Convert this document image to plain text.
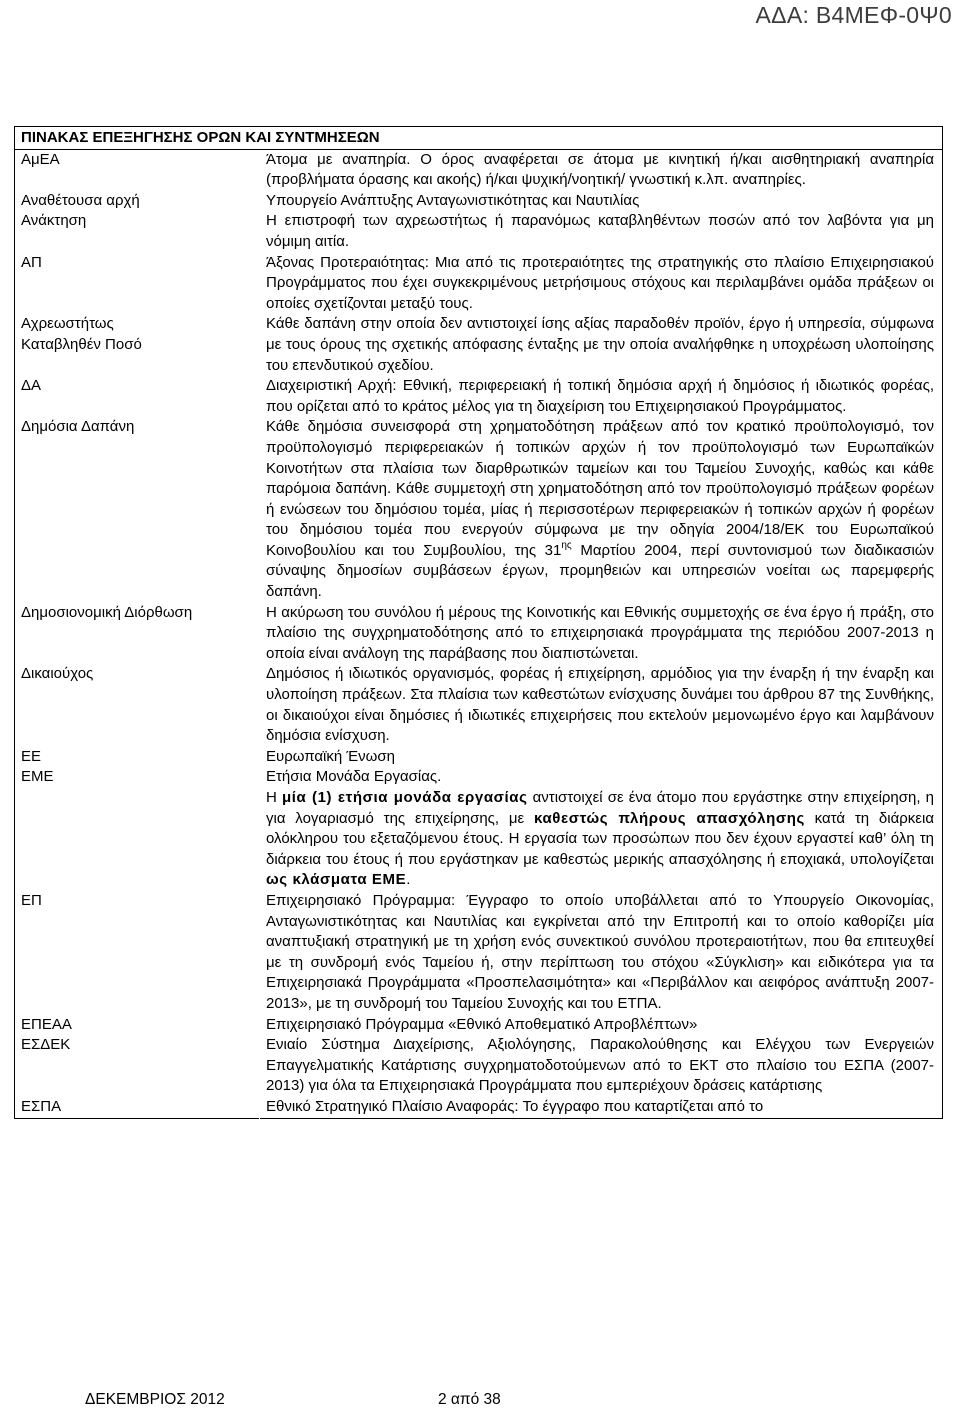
ΑΔΑ: Β4ΜΕΦ-0Ψ0
ΠΙΝΑΚΑΣ ΕΠΕΞΗΓΗΣΗΣ ΟΡΩΝ ΚΑΙ ΣΥΝΤΜΗΣΕΩΝ	
ΑμΕΑ	Άτομα με αναπηρία. Ο όρος αναφέρεται σε άτομα με κινητική ή/και αισθητηριακή αναπηρία (προβλήματα όρασης και ακοής) ή/και ψυχική/νοητική/ γνωστική κ.λπ. αναπηρίες.
Αναθέτουσα αρχή	Υπουργείο Ανάπτυξης Ανταγωνιστικότητας και Ναυτιλίας
Ανάκτηση	Η επιστροφή των αχρεωστήτως ή παρανόμως καταβληθέντων ποσών από τον λαβόντα για μη νόμιμη αιτία.
ΑΠ	Άξονας Προτεραιότητας: Μια από τις προτεραιότητες της στρατηγικής στο πλαίσιο Επιχειρησιακού Προγράμματος που έχει συγκεκριμένους μετρήσιμους στόχους και περιλαμβάνει ομάδα πράξεων οι οποίες σχετίζονται μεταξύ τους.

Αχρεωστήτως
Καταβληθέν Ποσό	Κάθε δαπάνη στην οποία δεν αντιστοιχεί ίσης αξίας παραδοθέν προϊόν, έργο ή υπηρεσία, σύμφωνα με τους όρους της σχετικής απόφασης ένταξης με την οποία αναλήφθηκε η υποχρέωση υλοποίησης του επενδυτικού σχεδίου.
ΔΑ	Διαχειριστική Αρχή: Εθνική, περιφερειακή ή τοπική δημόσια αρχή ή δημόσιος ή ιδιωτικός φορέας, που ορίζεται από το κράτος μέλος για τη διαχείριση του Επιχειρησιακού Προγράμματος.
Δημόσια Δαπάνη	Κάθε δημόσια συνεισφορά στη χρηματοδότηση πράξεων από τον κρατικό προϋπολογισμό, τον προϋπολογισμό περιφερειακών ή τοπικών αρχών ή τον προϋπολογισμό των Ευρωπαϊκών Κοινοτήτων στα πλαίσια των διαρθρωτικών ταμείων και του Ταμείου Συνοχής, καθώς και κάθε παρόμοια δαπάνη. Κάθε συμμετοχή στη χρηματοδότηση από τον προϋπολογισμό πράξεων φορέων ή ενώσεων του δημόσιου τομέα, μίας ή περισσοτέρων περιφερειακών ή τοπικών αρχών ή φορέων του δημόσιου τομέα που ενεργούν σύμφωνα με την οδηγία 2004/18/ΕΚ του Ευρωπαϊκού Κοινοβουλίου και του Συμβουλίου, της $31^{\eta\varsigma}$ Μαρτίου 2004, περί συντονισμού των διαδικασιών σύναψης δημοσίων συμβάσεων έργων, προμηθειών και υπηρεσιών νοείται ως παρεμφερής δαπάνη.
Δημοσιονομική Διόρθωση	Η ακύρωση του συνόλου ή μέρους της Κοινοτικής και Εθνικής συμμετοχής σε ένα έργο ή πράξη, στο πλαίσιο της συγχρηματοδότησης από το επιχειρησιακά προγράμματα της περιόδου 2007-2013 η οποία είναι ανάλογη της παράβασης που διαπιστώνεται.
Δικαιούχος	Δημόσιος ή ιδιωτικός οργανισμός, φορέας ή επιχείρηση, αρμόδιος για την έναρξη ή την έναρξη και υλοποίηση πράξεων. Στα πλαίσια των καθεστώτων ενίσχυσης δυνάμει του άρθρου 87 της Συνθήκης, οι δικαιούχοι είναι δημόσιες ή ιδιωτικές επιχειρήσεις που εκτελούν μεμονωμένο έργο και λαμβάνουν δημόσια ενίσχυση.
ΕΕ	Ευρωπαϊκή Ένωση
ΕΜΕ	Ετήσια Μονάδα Εργασίας.
Η μία (1) ετήσια μονάδα εργασίας αντιστοιχεί σε ένα άτομο που εργάστηκε στην επιχείρηση, η για λογαριασμό της επιχείρησης, με καθεστώς πλήρους απασχόλησης κατά τη διάρκεια ολόκληρου του εξεταζόμενου έτους. Η εργασία των προσώπων που δεν έχουν εργαστεί καθ’ όλη τη διάρκεια του έτους ή που εργάστηκαν με καθεστώς μερικής απασχόλησης ή εποχιακά, υπολογίζεται ως κλάσματα ΕΜΕ.

ΕΠ	Επιχειρησιακό Πρόγραμμα: Έγγραφο το οποίο υποβάλλεται από το Υπουργείο Οικονομίας, Ανταγωνιστικότητας και Ναυτιλίας και εγκρίνεται από την Επιτροπή και το οποίο καθορίζει μία αναπτυξιακή στρατηγική με τη χρήση ενός συνεκτικού συνόλου προτεραιοτήτων, που θα επιτευχθεί με τη συνδρομή ενός Ταμείου ή, στην περίπτωση του στόχου «Σύγκλιση» και ειδικότερα για τα Επιχειρησιακά Προγράμματα «Προσπελασιμότητα» και «Περιβάλλον και αειφόρος ανάπτυξη 2007-2013», με τη συνδρομή του Ταμείου Συνοχής και του ΕΤΠΑ.
ΕΠΕΑΑ	Επιχειρησιακό Πρόγραμμα «Εθνικό Αποθεματικό Απροβλέπτων»
ΕΣΔΕΚ	Ενιαίο Σύστημα Διαχείρισης, Αξιολόγησης, Παρακολούθησης και Ελέγχου των Ενεργειών Επαγγελματικής Κατάρτισης συγχρηματοδοτούμενων από το ΕΚΤ στο πλαίσιο του ΕΣΠΑ (2007-2013) για όλα τα Επιχειρησιακά Προγράμματα που εμπεριέχουν δράσεις κατάρτισης
ΕΣΠΑ	Εθνικό Στρατηγικό Πλαίσιο Αναφοράς: Το έγγραφο που καταρτίζεται από το
ΔΕΚΕΜΒΡΙΟΣ 2012	2 από 38
